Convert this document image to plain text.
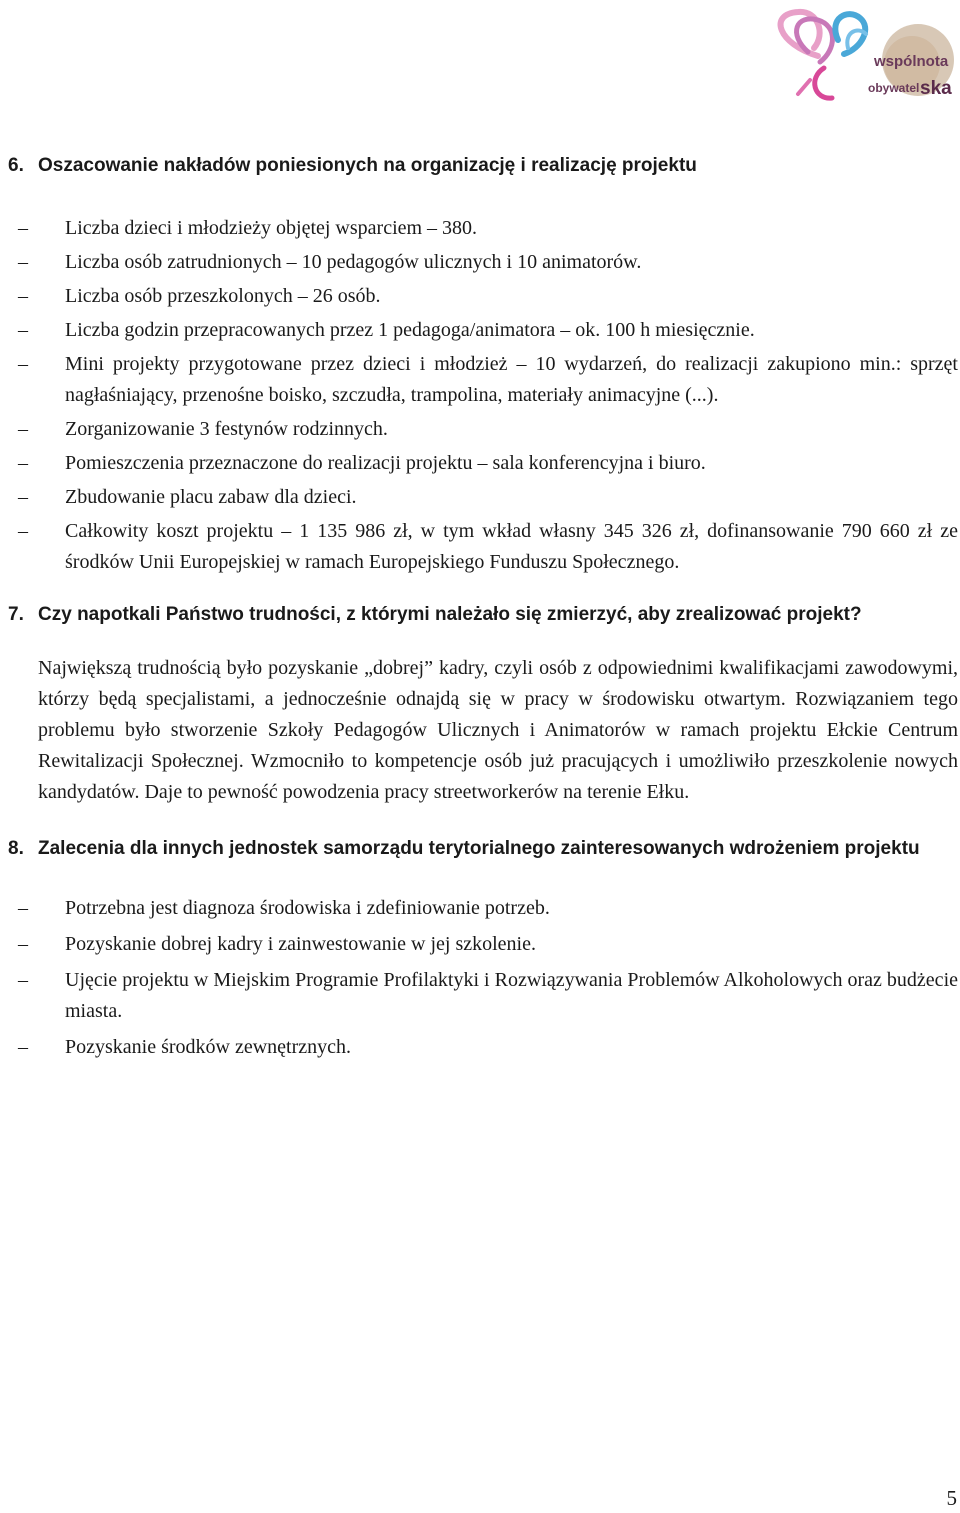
wspólnota
obywatel ska
6. Oszacowanie nakładów poniesionych na organizację i realizację projektu
– Liczba dzieci i młodzieży objętej wsparciem – 380.
– Liczba osób zatrudnionych – 10 pedagogów ulicznych i 10 animatorów.
– Liczba osób przeszkolonych – 26 osób.
– Liczba godzin przepracowanych przez 1 pedagoga/animatora – ok. 100 h miesięcznie.
– Mini projekty przygotowane przez dzieci i młodzież – 10 wydarzeń, do realizacji zakupiono min.: sprzęt nagłaśniający, przenośne boisko, szczudła, trampolina, materiały animacyjne (...).
– Zorganizowanie 3 festynów rodzinnych.
– Pomieszczenia przeznaczone do realizacji projektu – sala konferencyjna i biuro.
– Zbudowanie placu zabaw dla dzieci.
– Całkowity koszt projektu – 1 135 986 zł, w tym wkład własny 345 326 zł, dofinansowanie 790 660 zł ze środków Unii Europejskiej w ramach Europejskiego Funduszu Społecznego.
7. Czy napotkali Państwo trudności, z którymi należało się zmierzyć, aby zrealizować projekt?

Największą trudnością było pozyskanie „dobrej” kadry, czyli osób z odpowiednimi kwalifikacjami zawodowymi, którzy będą specjalistami, a jednocześnie odnajdą się w pracy w środowisku otwartym. Rozwiązaniem tego problemu było stworzenie Szkoły Pedagogów Ulicznych i Animatorów w ramach projektu Ełckie Centrum Rewitalizacji Społecznej. Wzmocniło to kompetencje osób już pracujących i umożliwiło przeszkolenie nowych kandydatów. Daje to pewność powodzenia pracy streetworkerów na terenie Ełku.

8. Zalecenia dla innych jednostek samorządu terytorialnego zainteresowanych wdrożeniem projektu
– Potrzebna jest diagnoza środowiska i zdefiniowanie potrzeb.
– Pozyskanie dobrej kadry i zainwestowanie w jej szkolenie.
– Ujęcie projektu w Miejskim Programie Profilaktyki i Rozwiązywania Problemów Alkoholowych oraz budżecie miasta.
– Pozyskanie środków zewnętrznych.
5
